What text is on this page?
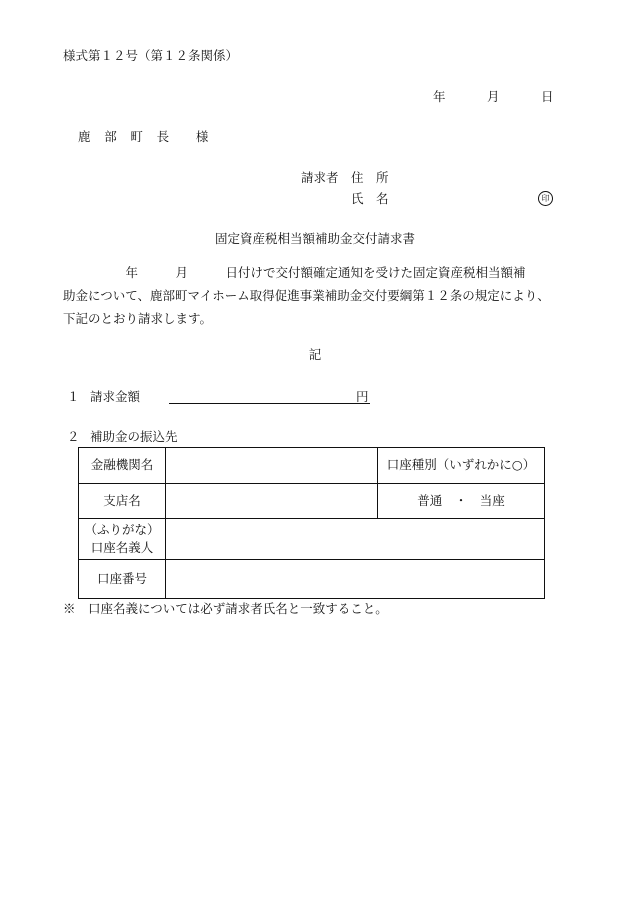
様式第１２号（第１２条関係）
年	月	日
鹿　部　町　長　　様
請求者　住　所
氏　名	印
固定資産税相当額補助金交付請求書
　　　　　年　　　月　　　日付けで交付額確定通知を受けた固定資産税相当額補
助金について、鹿部町マイホーム取得促進事業補助金交付要綱第１２条の規定により、
下記のとおり請求します。
記
１ 請求金額	円
２ 補助金の振込先
金融機関名		口座種別（いずれかに○）
支店名		普通　・　当座

（ふりがな）
口座名義人		

口座番号		
※　口座名義については必ず請求者氏名と一致すること。
